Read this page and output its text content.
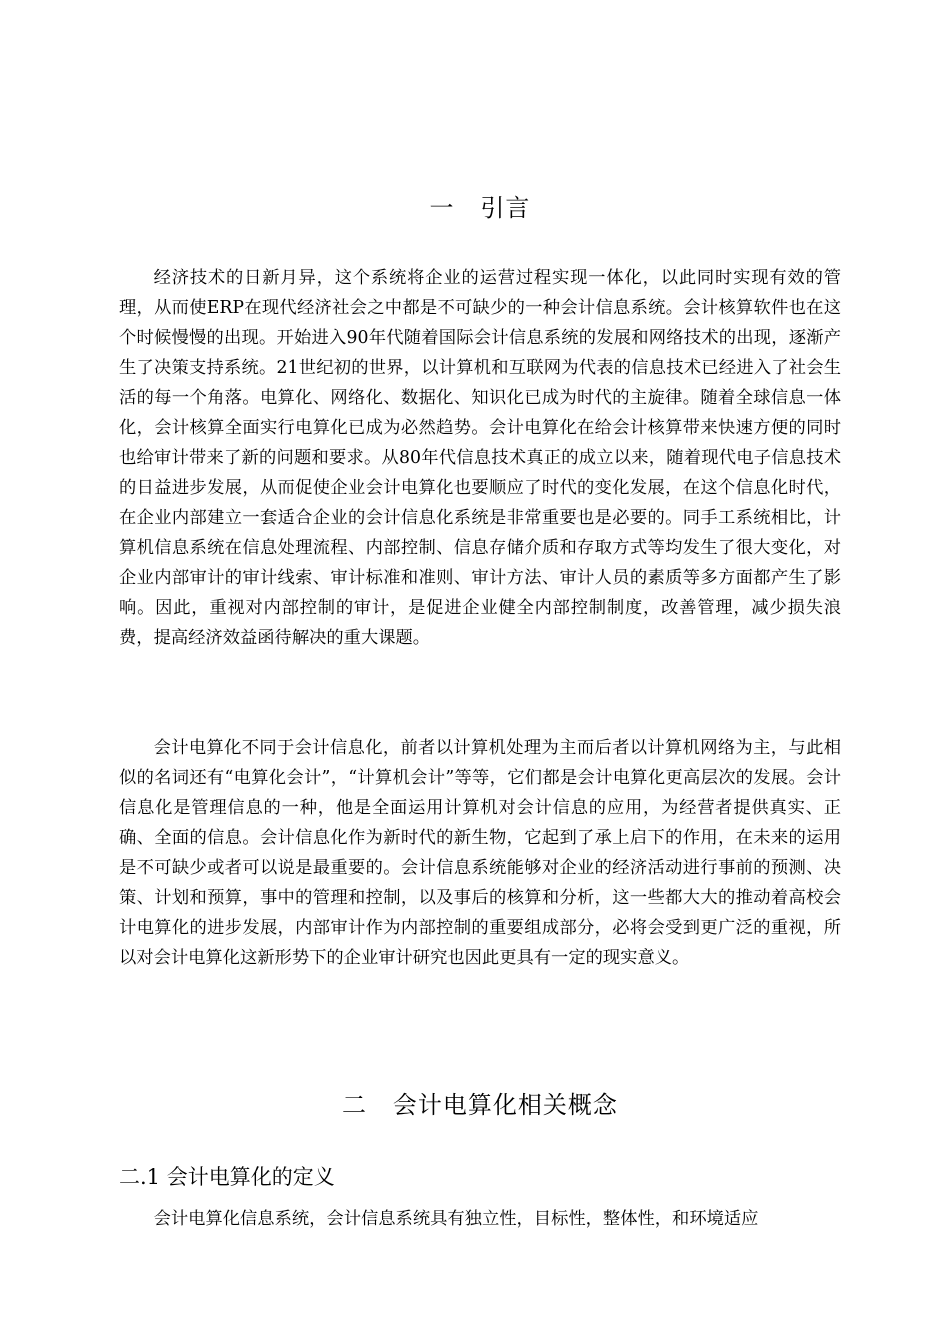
一   引言

经济技术的日新月异，这个系统将企业的运营过程实现一体化，以此同时实现有效的管理，从而使ERP在现代经济社会之中都是不可缺少的一种会计信息系统。会计核算软件也在这个时候慢慢的出现。开始进入90年代随着国际会计信息系统的发展和网络技术的出现，逐渐产生了决策支持系统。21世纪初的世界，以计算机和互联网为代表的信息技术已经进入了社会生活的每一个角落。电算化、网络化、数据化、知识化已成为时代的主旋律。随着全球信息一体化，会计核算全面实行电算化已成为必然趋势。会计电算化在给会计核算带来快速方便的同时也给审计带来了新的问题和要求。从80年代信息技术真正的成立以来，随着现代电子信息技术的日益进步发展，从而促使企业会计电算化也要顺应了时代的变化发展，在这个信息化时代，在企业内部建立一套适合企业的会计信息化系统是非常重要也是必要的。同手工系统相比，计算机信息系统在信息处理流程、内部控制、信息存储介质和存取方式等均发生了很大变化，对企业内部审计的审计线索、审计标准和准则、审计方法、审计人员的素质等多方面都产生了影响。因此，重视对内部控制的审计，是促进企业健全内部控制制度，改善管理，减少损失浪费，提高经济效益函待解决的重大课题。

会计电算化不同于会计信息化，前者以计算机处理为主而后者以计算机网络为主，与此相似的名词还有“电算化会计”，“计算机会计”等等，它们都是会计电算化更高层次的发展。会计信息化是管理信息的一种，他是全面运用计算机对会计信息的应用，为经营者提供真实、正确、全面的信息。会计信息化作为新时代的新生物，它起到了承上启下的作用，在未来的运用是不可缺少或者可以说是最重要的。会计信息系统能够对企业的经济活动进行事前的预测、决策、计划和预算，事中的管理和控制，以及事后的核算和分析，这一些都大大的推动着高校会计电算化的进步发展，内部审计作为内部控制的重要组成部分，必将会受到更广泛的重视，所以对会计电算化这新形势下的企业审计研究也因此更具有一定的现实意义。

二   会计电算化相关概念
二.1 会计电算化的定义

会计电算化信息系统，会计信息系统具有独立性，目标性，整体性，和环境适应
